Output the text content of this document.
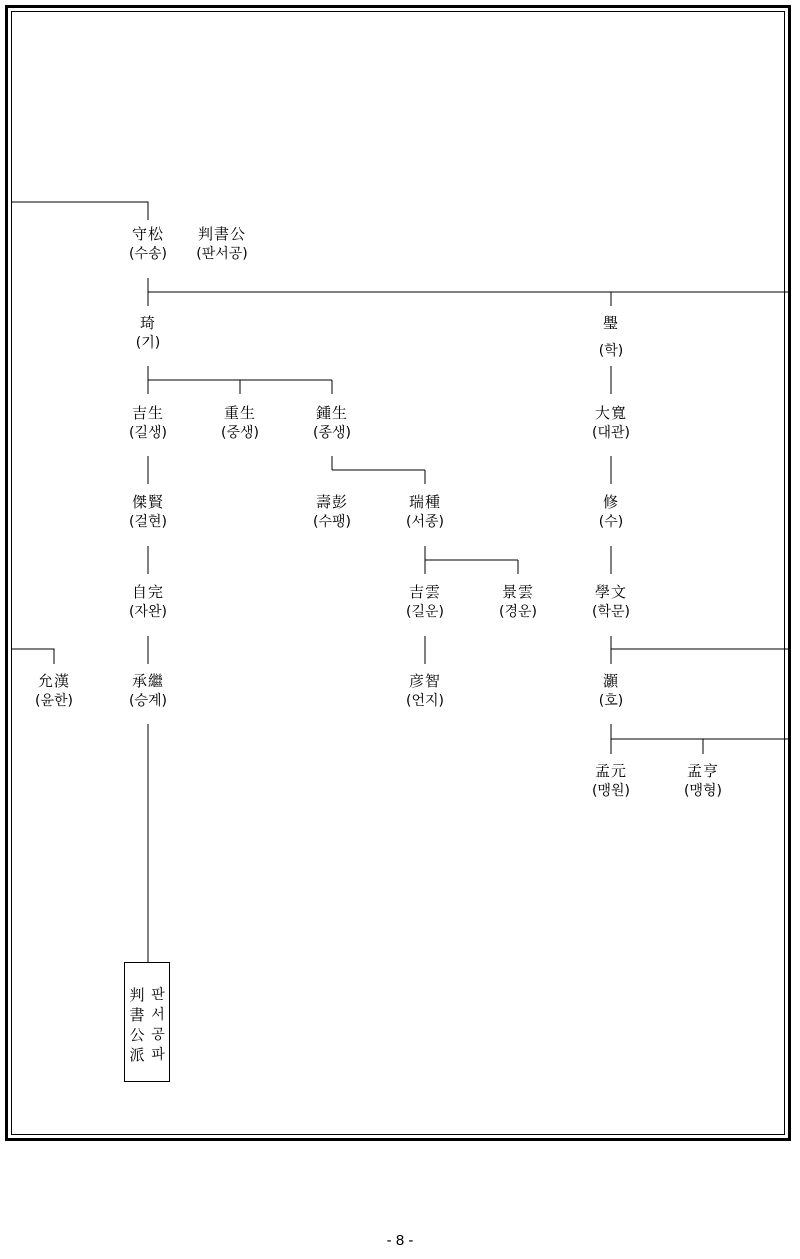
守松
(수송)
判書公
(판서공)
琦
(기)
璺
(학)
吉生
(길생)
重生
(중생)
鍾生
(종생)
大寬
(대관)
傑賢
(걸현)
壽彭
(수팽)
瑞種
(서종)
修
(수)
自完
(자완)
吉雲
(길운)
景雲
(경운)
學文
(학문)
允漢
(윤한)
承繼
(승계)
彦智
(언지)
灝
(호)
孟元
(맹원)
孟亨
(맹형)
判書公派
판서공파
- 8 -
